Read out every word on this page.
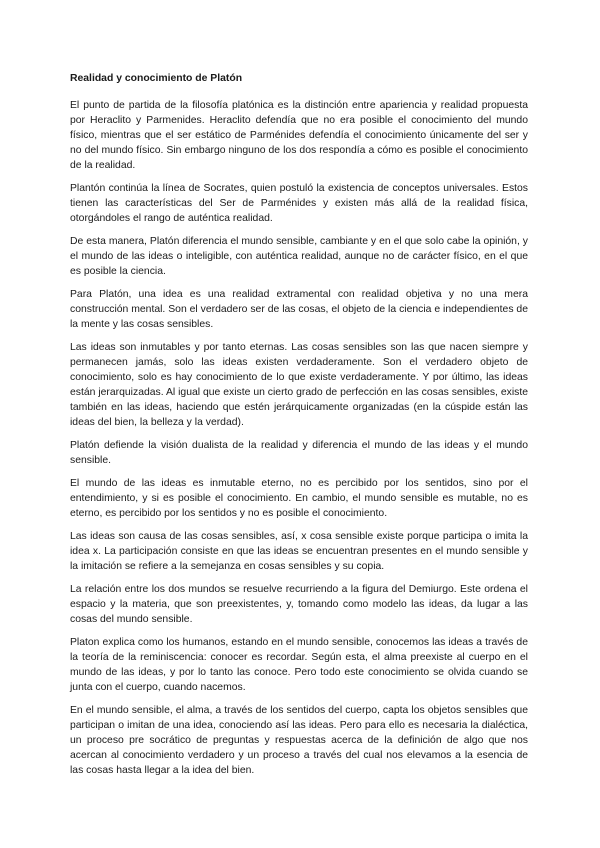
Realidad y conocimiento de Platón

El punto de partida de la filosofía platónica es la distinción entre apariencia y realidad propuesta por Heraclito y Parmenides. Heraclito defendía que no era posible el conocimiento del mundo físico, mientras que el ser estático de Parménides defendía el conocimiento únicamente del ser y no del mundo físico. Sin embargo ninguno de los dos respondía a cómo es posible el conocimiento de la realidad.

Plantón continúa la línea de Socrates, quien postuló la existencia de conceptos universales. Estos tienen las características del Ser de Parménides y existen más allá de la realidad física, otorgándoles el rango de auténtica realidad.

De esta manera, Platón diferencia el mundo sensible, cambiante y en el que solo cabe la opinión, y el mundo de las ideas o inteligible, con auténtica realidad, aunque no de carácter físico, en el que es posible la ciencia.

Para Platón, una idea es una realidad extramental con realidad objetiva y no una mera construcción mental. Son el verdadero ser de las cosas, el objeto de la ciencia e independientes de la mente y las cosas sensibles.

Las ideas son inmutables y por tanto eternas. Las cosas sensibles son las que nacen siempre y permanecen jamás, solo las ideas existen verdaderamente. Son el verdadero objeto de conocimiento, solo es hay conocimiento de lo que existe verdaderamente. Y por último, las ideas están jerarquizadas. Al igual que existe un cierto grado de perfección en las cosas sensibles, existe también en las ideas, haciendo que estén jerárquicamente organizadas (en la cúspide están las ideas del bien, la belleza y la verdad).

Platón defiende la visión dualista de la realidad y diferencia el mundo de las ideas y el mundo sensible.

El mundo de las ideas es inmutable eterno, no es percibido por los sentidos, sino por el entendimiento, y si es posible el conocimiento. En cambio, el mundo sensible es mutable, no es eterno, es percibido por los sentidos y no es posible el conocimiento.

Las ideas son causa de las cosas sensibles, así, x cosa sensible existe porque participa o imita la idea x. La participación consiste en que las ideas se encuentran presentes en el mundo sensible y la imitación se refiere a la semejanza en cosas sensibles y su copia.

La relación entre los dos mundos se resuelve recurriendo a la figura del Demiurgo. Este ordena el espacio y la materia, que son preexistentes, y, tomando como modelo las ideas, da lugar a las cosas del mundo sensible.

Platon explica como los humanos, estando en el mundo sensible, conocemos las ideas a través de la teoría de la reminiscencia: conocer es recordar. Según esta, el alma preexiste al cuerpo en el mundo de las ideas, y por lo tanto las conoce. Pero todo este conocimiento se olvida cuando se junta con el cuerpo, cuando nacemos.

En el mundo sensible, el alma, a través de los sentidos del cuerpo, capta los objetos sensibles que participan o imitan de una idea, conociendo así las ideas. Pero para ello es necesaria la dialéctica, un proceso pre socrático de preguntas y respuestas acerca de la definición de algo que nos acercan al conocimiento verdadero y un proceso a través del cual nos elevamos a la esencia de las cosas hasta llegar a la idea del bien.
